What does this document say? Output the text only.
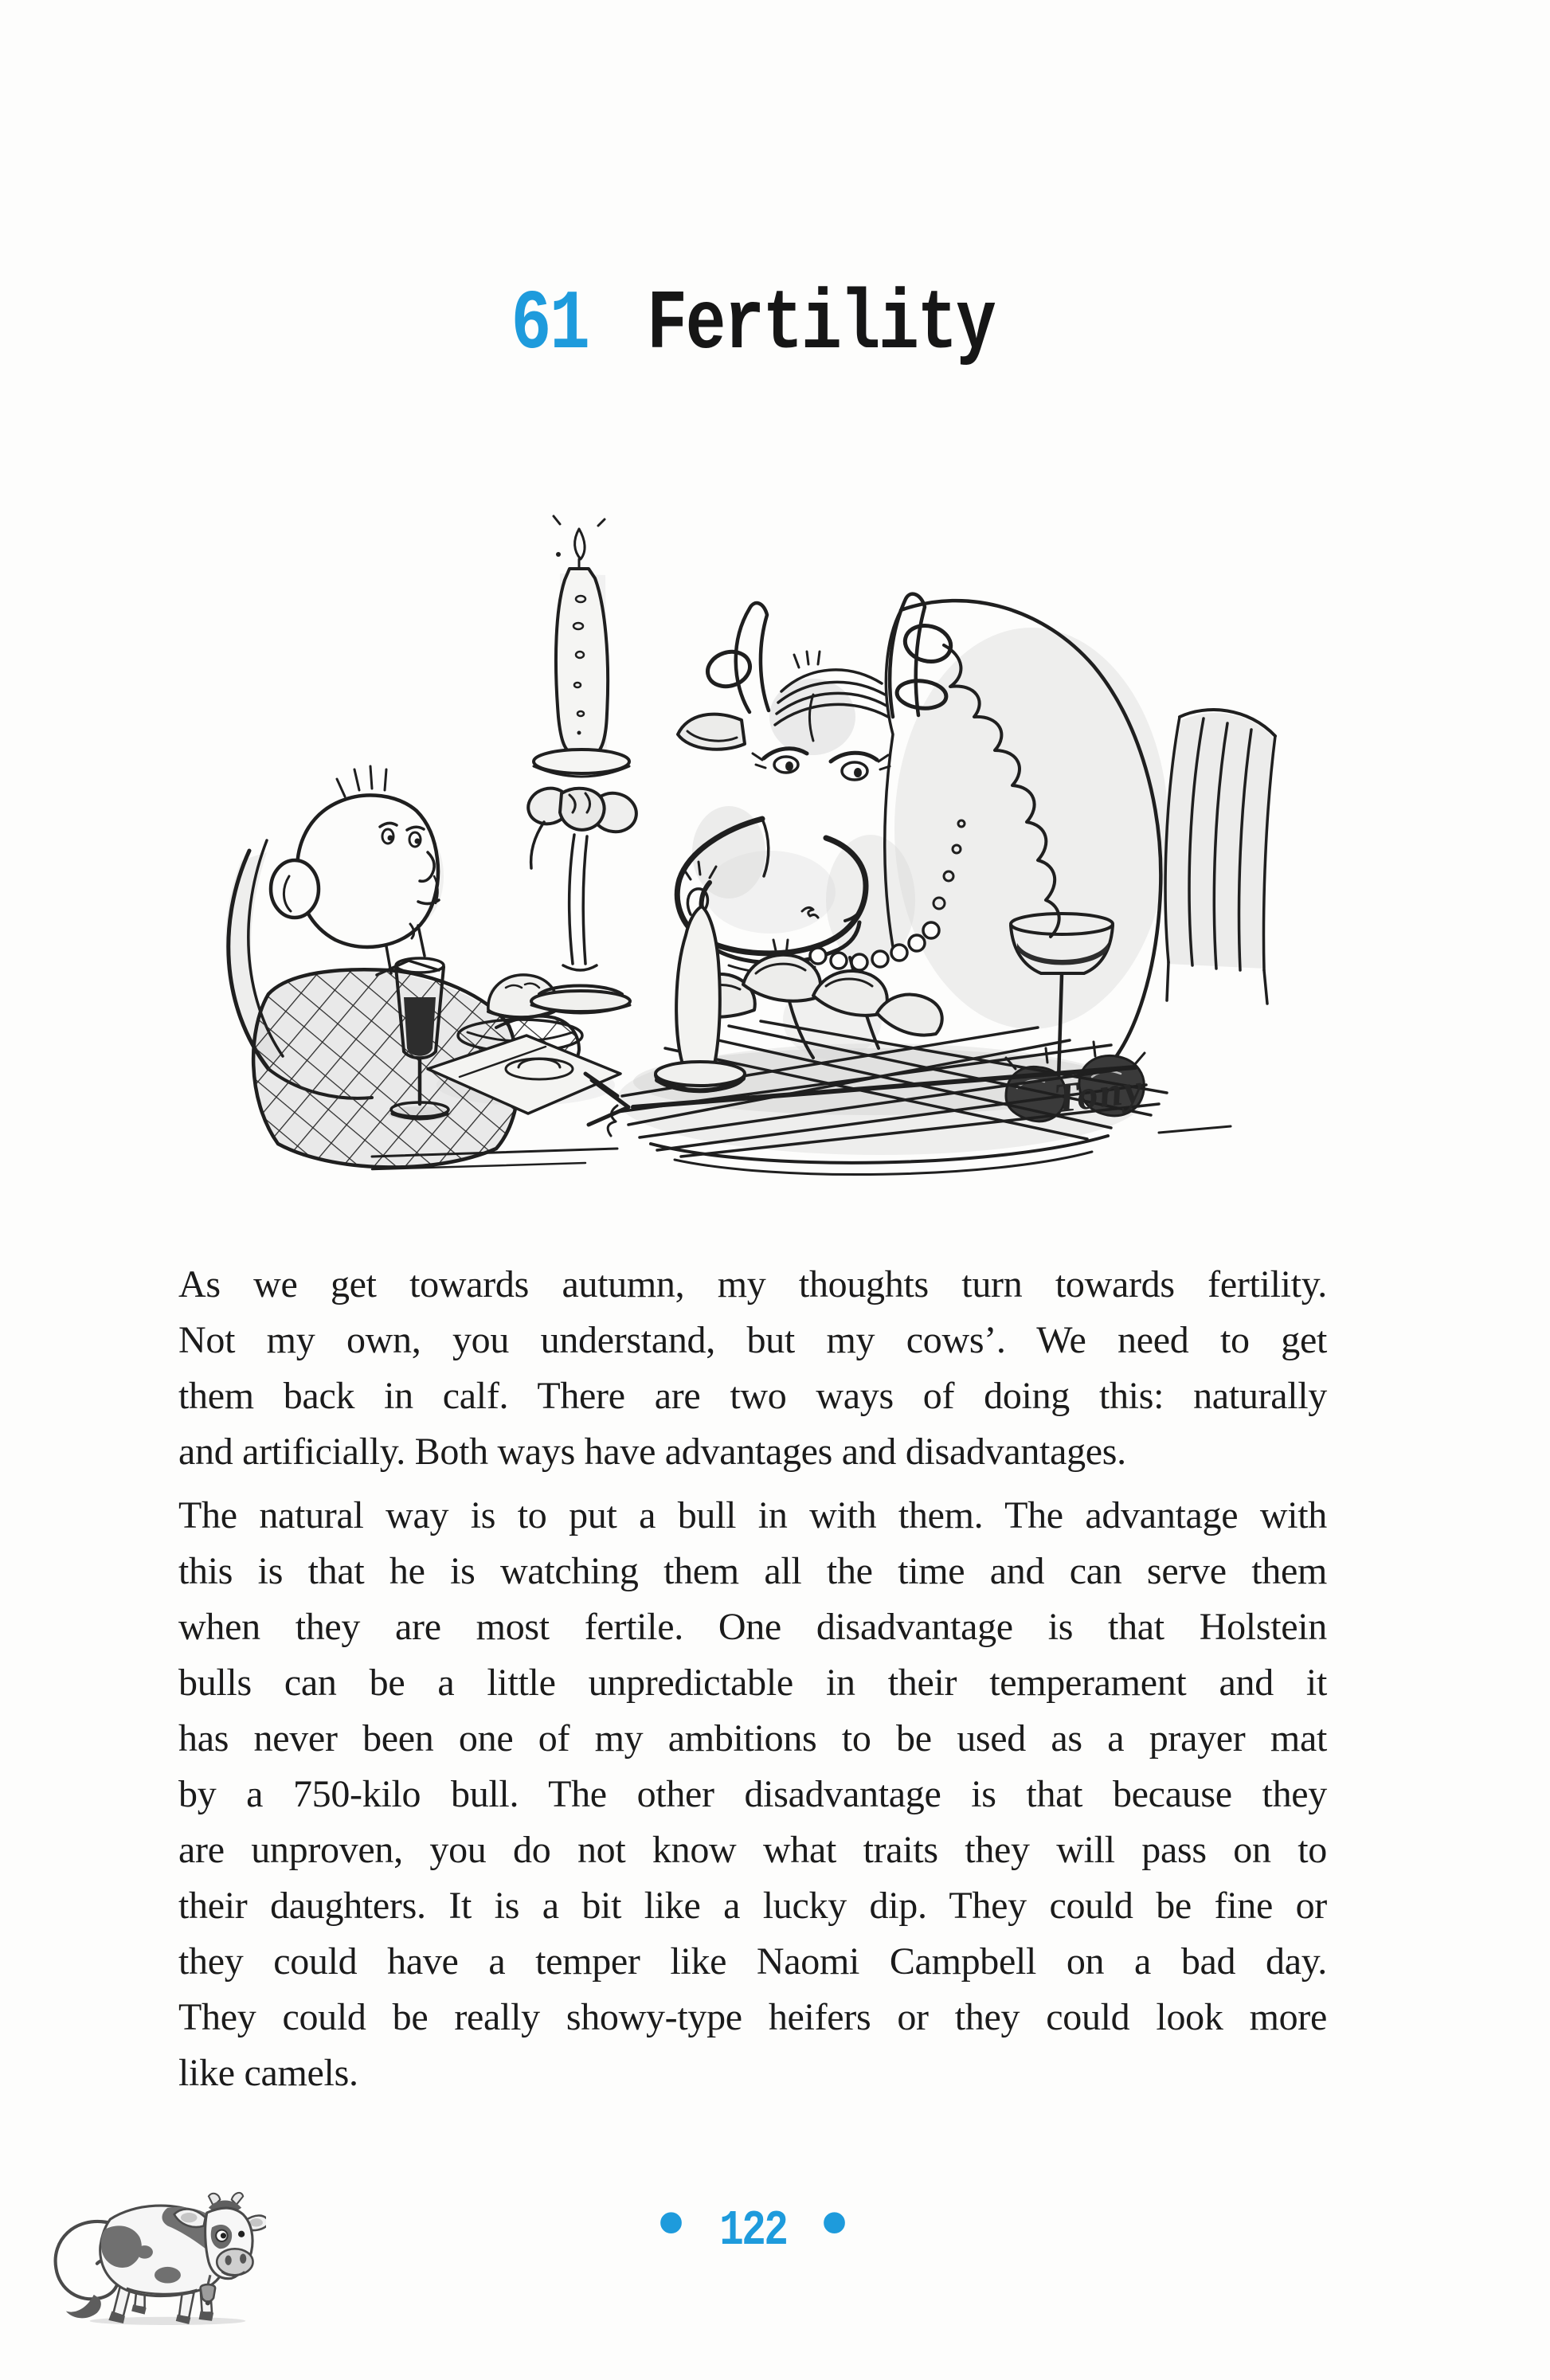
61 Fertility
Tony
As we get towards autumn, my thoughts turn towards fertility.
Not my own, you understand, but my cows’. We need to get
them back in calf. There are two ways of doing this: naturally
and artificially. Both ways have advantages and disadvantages.
The natural way is to put a bull in with them. The advantage with
this is that he is watching them all the time and can serve them
when they are most fertile. One disadvantage is that Holstein
bulls can be a little unpredictable in their temperament and it
has never been one of my ambitions to be used as a prayer mat
by a 750-kilo bull. The other disadvantage is that because they
are unproven, you do not know what traits they will pass on to
their daughters. It is a bit like a lucky dip. They could be fine or
they could have a temper like Naomi Campbell on a bad day.
They could be really showy-type heifers or they could look more
like camels.
• 122 •
